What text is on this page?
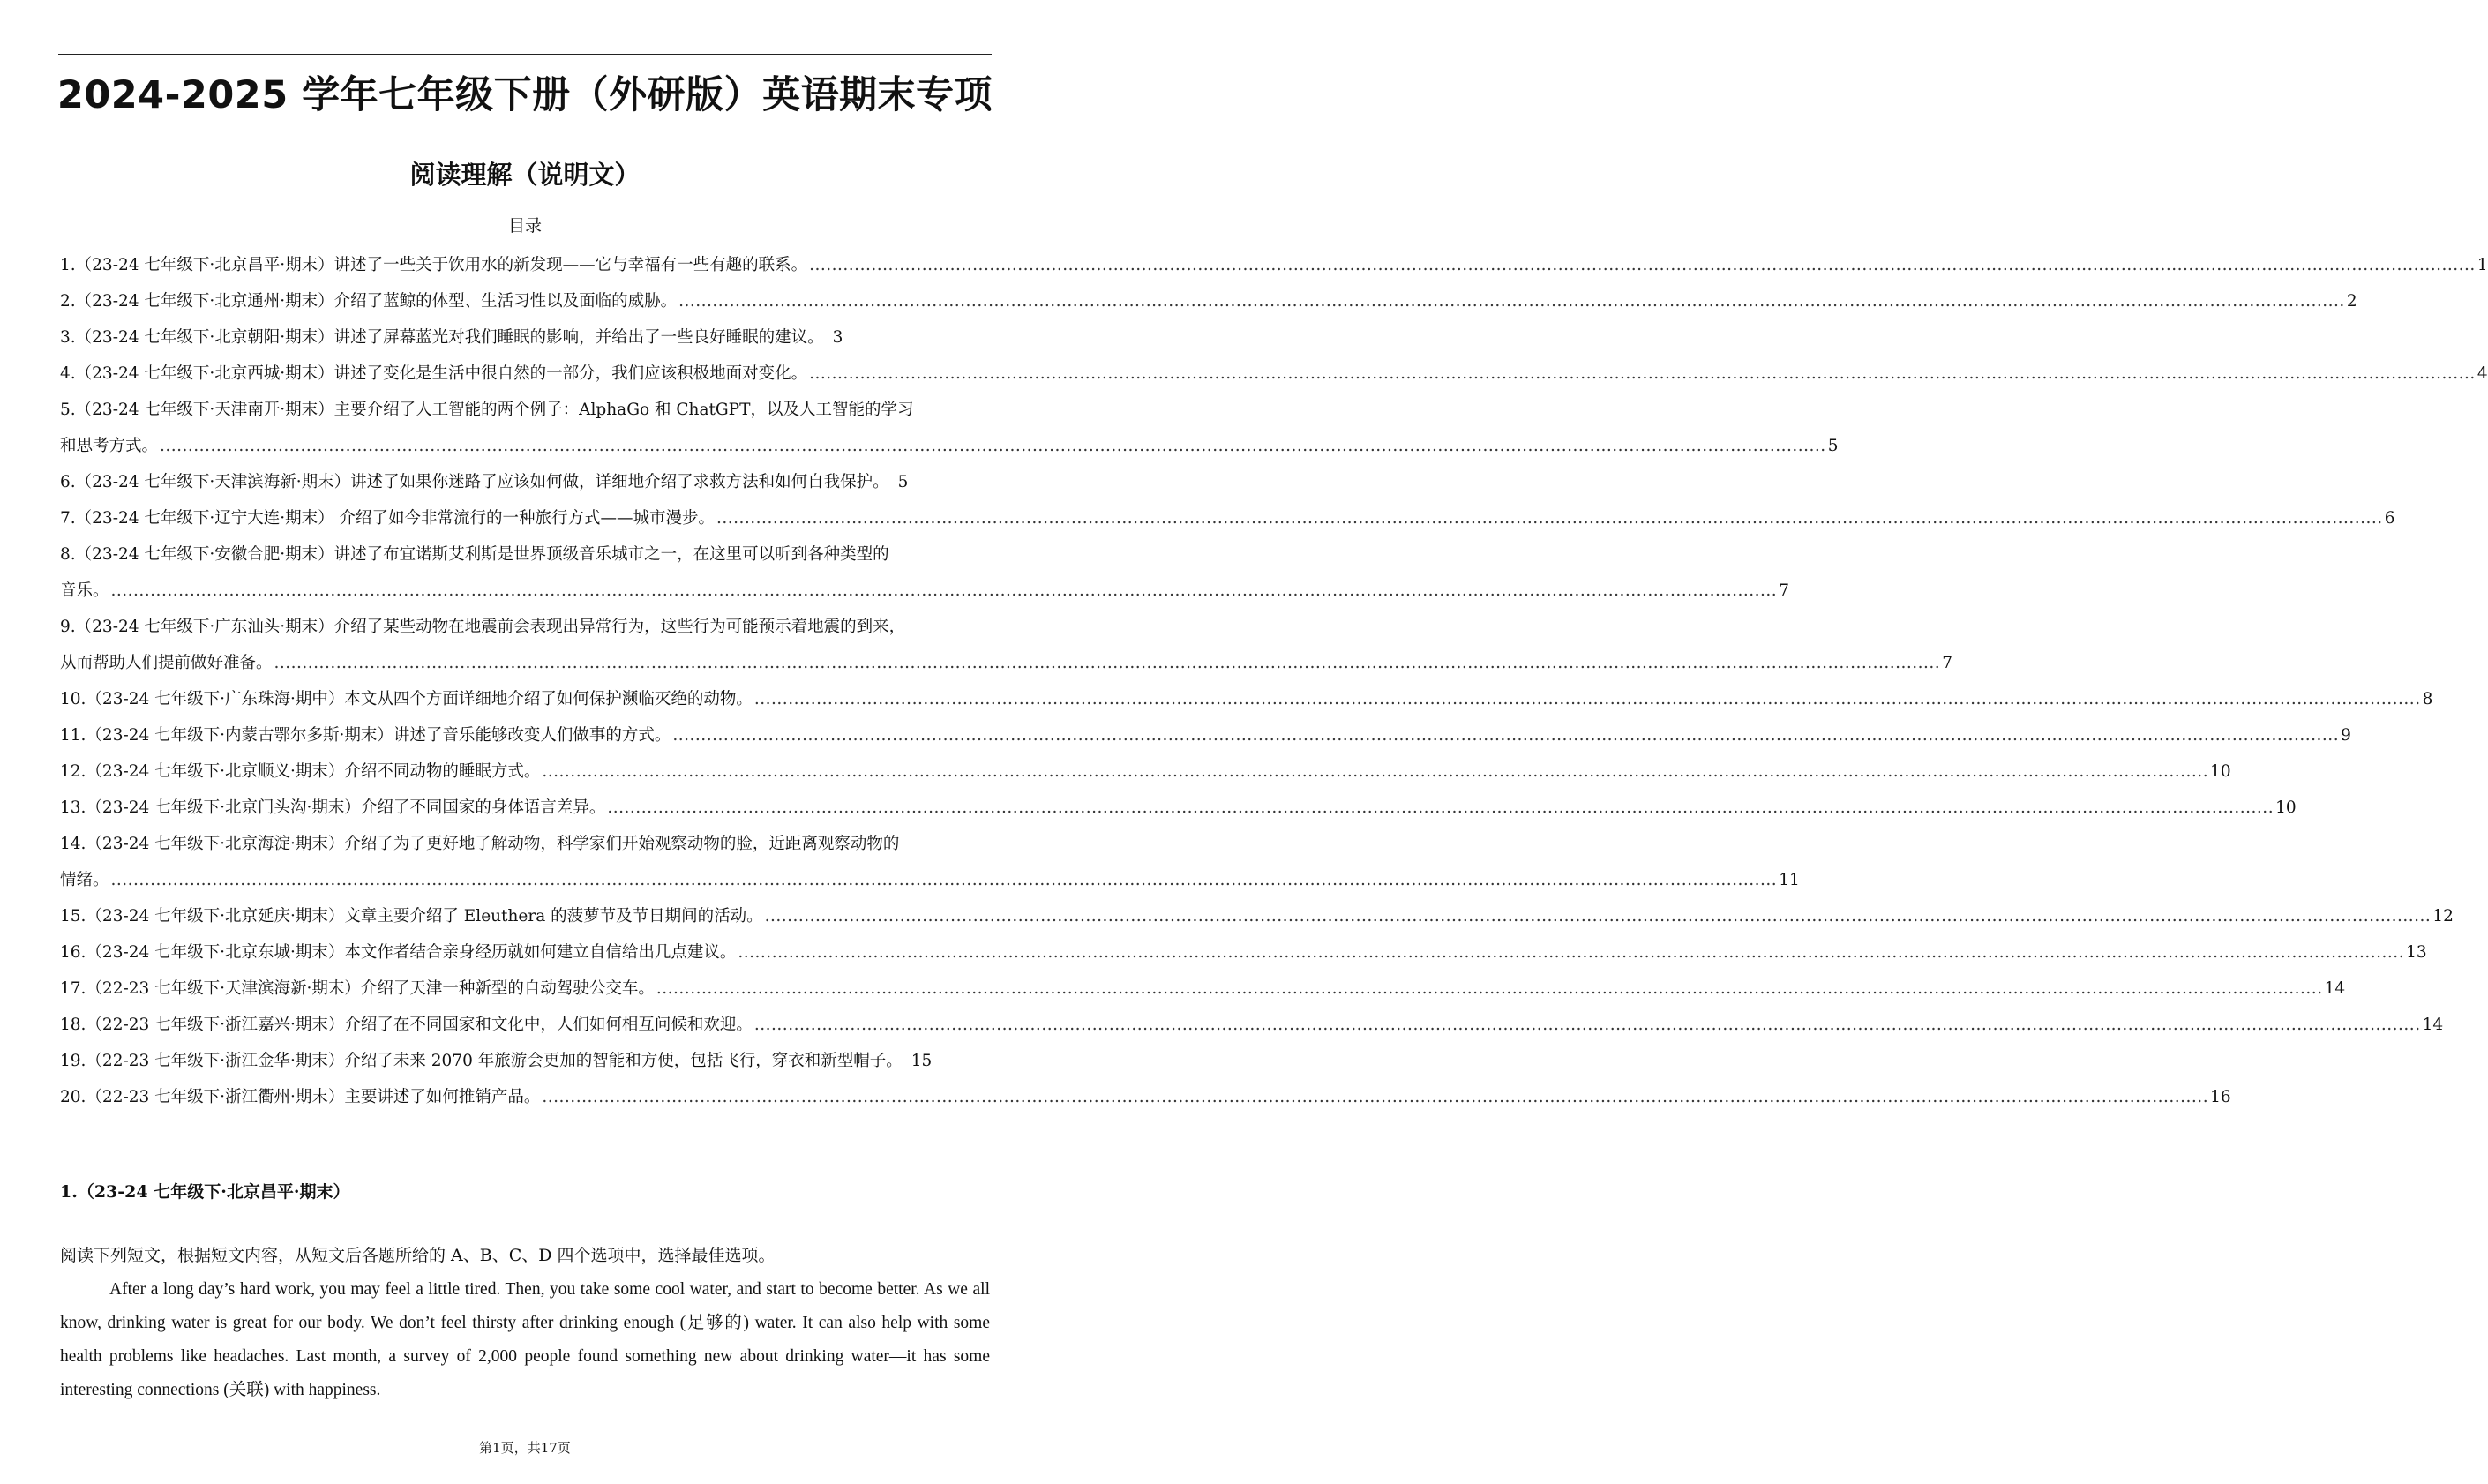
2024-2025 学年七年级下册（外研版）英语期末专项
阅读理解（说明文）
目录
1.（23-24 七年级下·北京昌平·期末）讲述了一些关于饮用水的新发现——它与幸福有一些有趣的联系。 .....	1
2.（23-24 七年级下·北京通州·期末）介绍了蓝鲸的体型、生活习性以及面临的威胁。 .....	2
3.（23-24 七年级下·北京朝阳·期末）讲述了屏幕蓝光对我们睡眠的影响，并给出了一些良好睡眠的建议。 3
4.（23-24 七年级下·北京西城·期末）讲述了变化是生活中很自然的一部分，我们应该积极地面对变化。 .....	4
5.（23-24 七年级下·天津南开·期末）主要介绍了人工智能的两个例子：AlphaGo 和 ChatGPT，以及人工智能的学习
和思考方式。 .....	5
6.（23-24 七年级下·天津滨海新·期末）讲述了如果你迷路了应该如何做，详细地介绍了求救方法和如何自我保护。 5
7.（23-24 七年级下·辽宁大连·期末） 介绍了如今非常流行的一种旅行方式——城市漫步。 .....	6
8.（23-24 七年级下·安徽合肥·期末）讲述了布宜诺斯艾利斯是世界顶级音乐城市之一，在这里可以听到各种类型的
音乐。 .....	7
9.（23-24 七年级下·广东汕头·期末）介绍了某些动物在地震前会表现出异常行为，这些行为可能预示着地震的到来，
从而帮助人们提前做好准备。 .....	7
10.（23-24 七年级下·广东珠海·期中）本文从四个方面详细地介绍了如何保护濒临灭绝的动物。 .....	8
11.（23-24 七年级下·内蒙古鄂尔多斯·期末）讲述了音乐能够改变人们做事的方式。 .....	9
12.（23-24 七年级下·北京顺义·期末）介绍不同动物的睡眠方式。 .....	10
13.（23-24 七年级下·北京门头沟·期末）介绍了不同国家的身体语言差异。 .....	10
14.（23-24 七年级下·北京海淀·期末）介绍了为了更好地了解动物，科学家们开始观察动物的脸，近距离观察动物的
情绪。 .....	11
15.（23-24 七年级下·北京延庆·期末）文章主要介绍了 Eleuthera 的菠萝节及节日期间的活动。 .....	12
16.（23-24 七年级下·北京东城·期末）本文作者结合亲身经历就如何建立自信给出几点建议。 .....	13
17.（22-23 七年级下·天津滨海新·期末）介绍了天津一种新型的自动驾驶公交车。 .....	14
18.（22-23 七年级下·浙江嘉兴·期末）介绍了在不同国家和文化中，人们如何相互问候和欢迎。 .....	14
19.（22-23 七年级下·浙江金华·期末）介绍了未来 2070 年旅游会更加的智能和方便，包括飞行，穿衣和新型帽子。 15
20.（22-23 七年级下·浙江衢州·期末）主要讲述了如何推销产品。 .....	16
1.（23-24 七年级下·北京昌平·期末）
阅读下列短文，根据短文内容，从短文后各题所给的 A、B、C、D 四个选项中，选择最佳选项。

After a long day’s hard work, you may feel a little tired. Then, you take some cool water, and start to become better. As we all know, drinking water is great for our body. We don’t feel thirsty after drinking enough (足够的) water. It can also help with some health problems like headaches. Last month, a survey of 2,000 people found something new about drinking water—it has some interesting connections (关联) with happiness.

第1页，共17页
